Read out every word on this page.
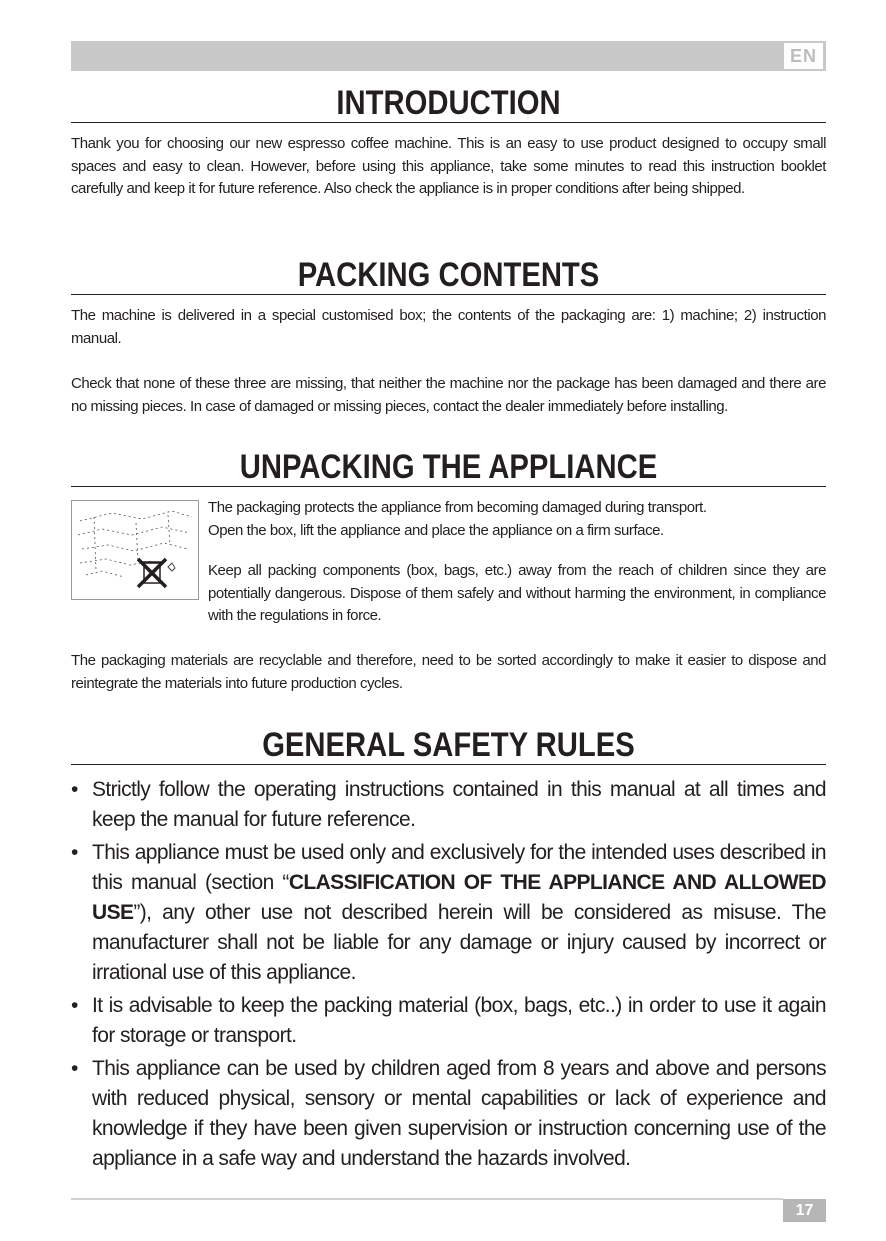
EN
INTRODUCTION

Thank you for choosing our new espresso coffee machine. This is an easy to use product designed to occupy small spaces and easy to clean. However, before using this appliance, take some minutes to read this instruction booklet carefully and keep it for future reference. Also check the appliance is in proper conditions after being shipped.

PACKING CONTENTS

The machine is delivered in a special customised box; the contents of the packaging are: 1) machine; 2) instruction manual.

Check that none of these three are missing, that neither the machine nor the package has been damaged and there are no missing pieces. In case of damaged or missing pieces, contact the dealer immediately before installing.

UNPACKING THE APPLIANCE

The packaging protects the appliance from becoming damaged during transport.

Open the box, lift the appliance and place the appliance on a firm surface.

Keep all packing components (box, bags, etc.) away from the reach of children since they are potentially dangerous. Dispose of them safely and without harming the environment, in compliance with the regulations in force.

The packaging materials are recyclable and therefore, need to be sorted accordingly to make it easier to dispose and reintegrate the materials into future production cycles.

GENERAL SAFETY RULES
• Strictly follow the operating instructions contained in this manual at all times and keep the manual for future reference.
• This appliance must be used only and exclusively for the intended uses described in this manual (section “CLASSIFICATION OF THE APPLIANCE AND ALLOWED USE”), any other use not described herein will be considered as misuse. The manufacturer shall not be liable for any damage or injury caused by incorrect or irrational use of this appliance.
• It is advisable to keep the packing material (box, bags, etc..) in order to use it again for storage or transport.
• This appliance can be used by children aged from 8 years and above and persons with reduced physical, sensory or mental capabilities or lack of experience and knowledge if they have been given supervision or instruction concerning use of the appliance in a safe way and understand the hazards involved.
17
